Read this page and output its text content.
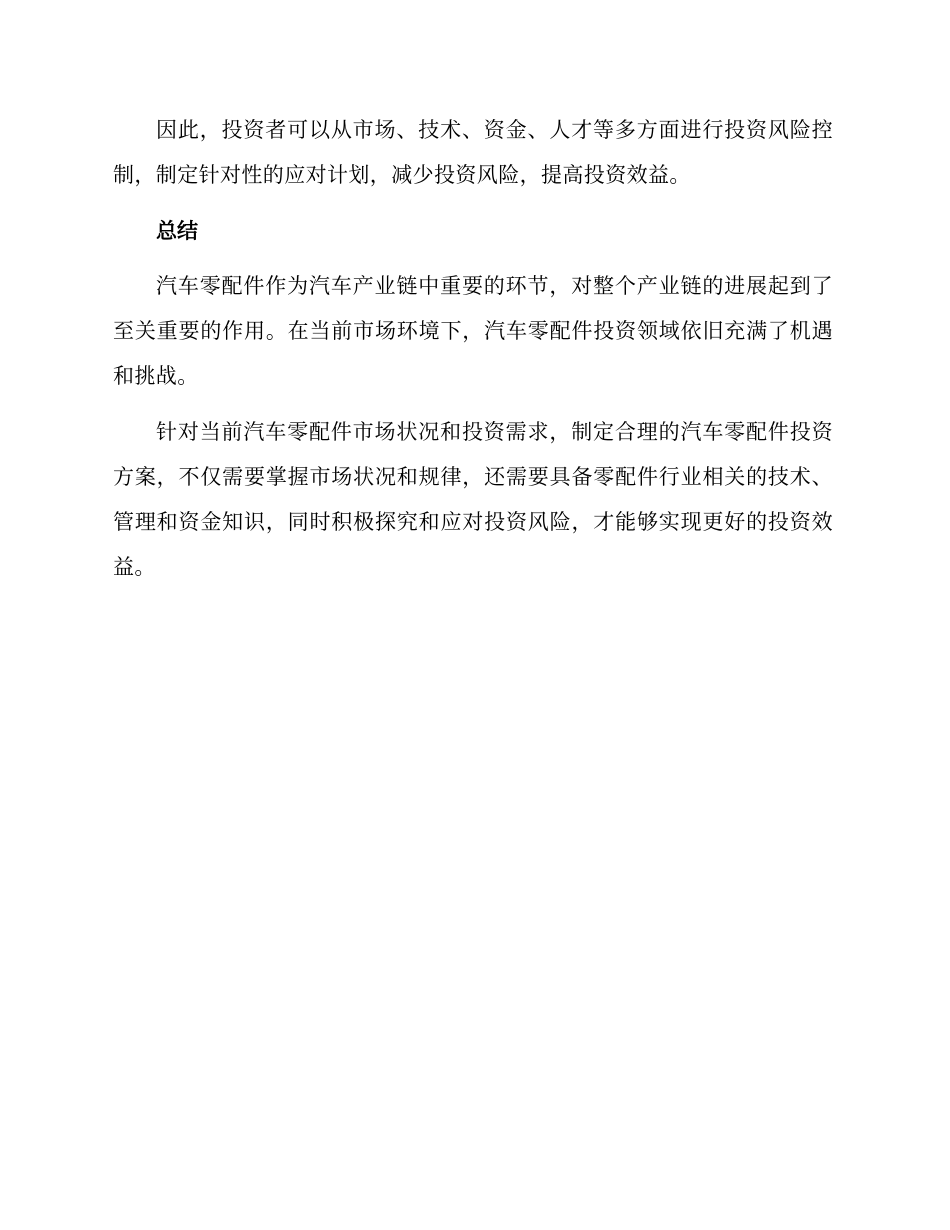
因此，投资者可以从市场、技术、资金、人才等多方面进行投资风险控制，制定针对性的应对计划，减少投资风险，提高投资效益。

总结

汽车零配件作为汽车产业链中重要的环节，对整个产业链的进展起到了至关重要的作用。在当前市场环境下，汽车零配件投资领域依旧充满了机遇和挑战。

针对当前汽车零配件市场状况和投资需求，制定合理的汽车零配件投资方案，不仅需要掌握市场状况和规律，还需要具备零配件行业相关的技术、管理和资金知识，同时积极探究和应对投资风险，才能够实现更好的投资效益。
